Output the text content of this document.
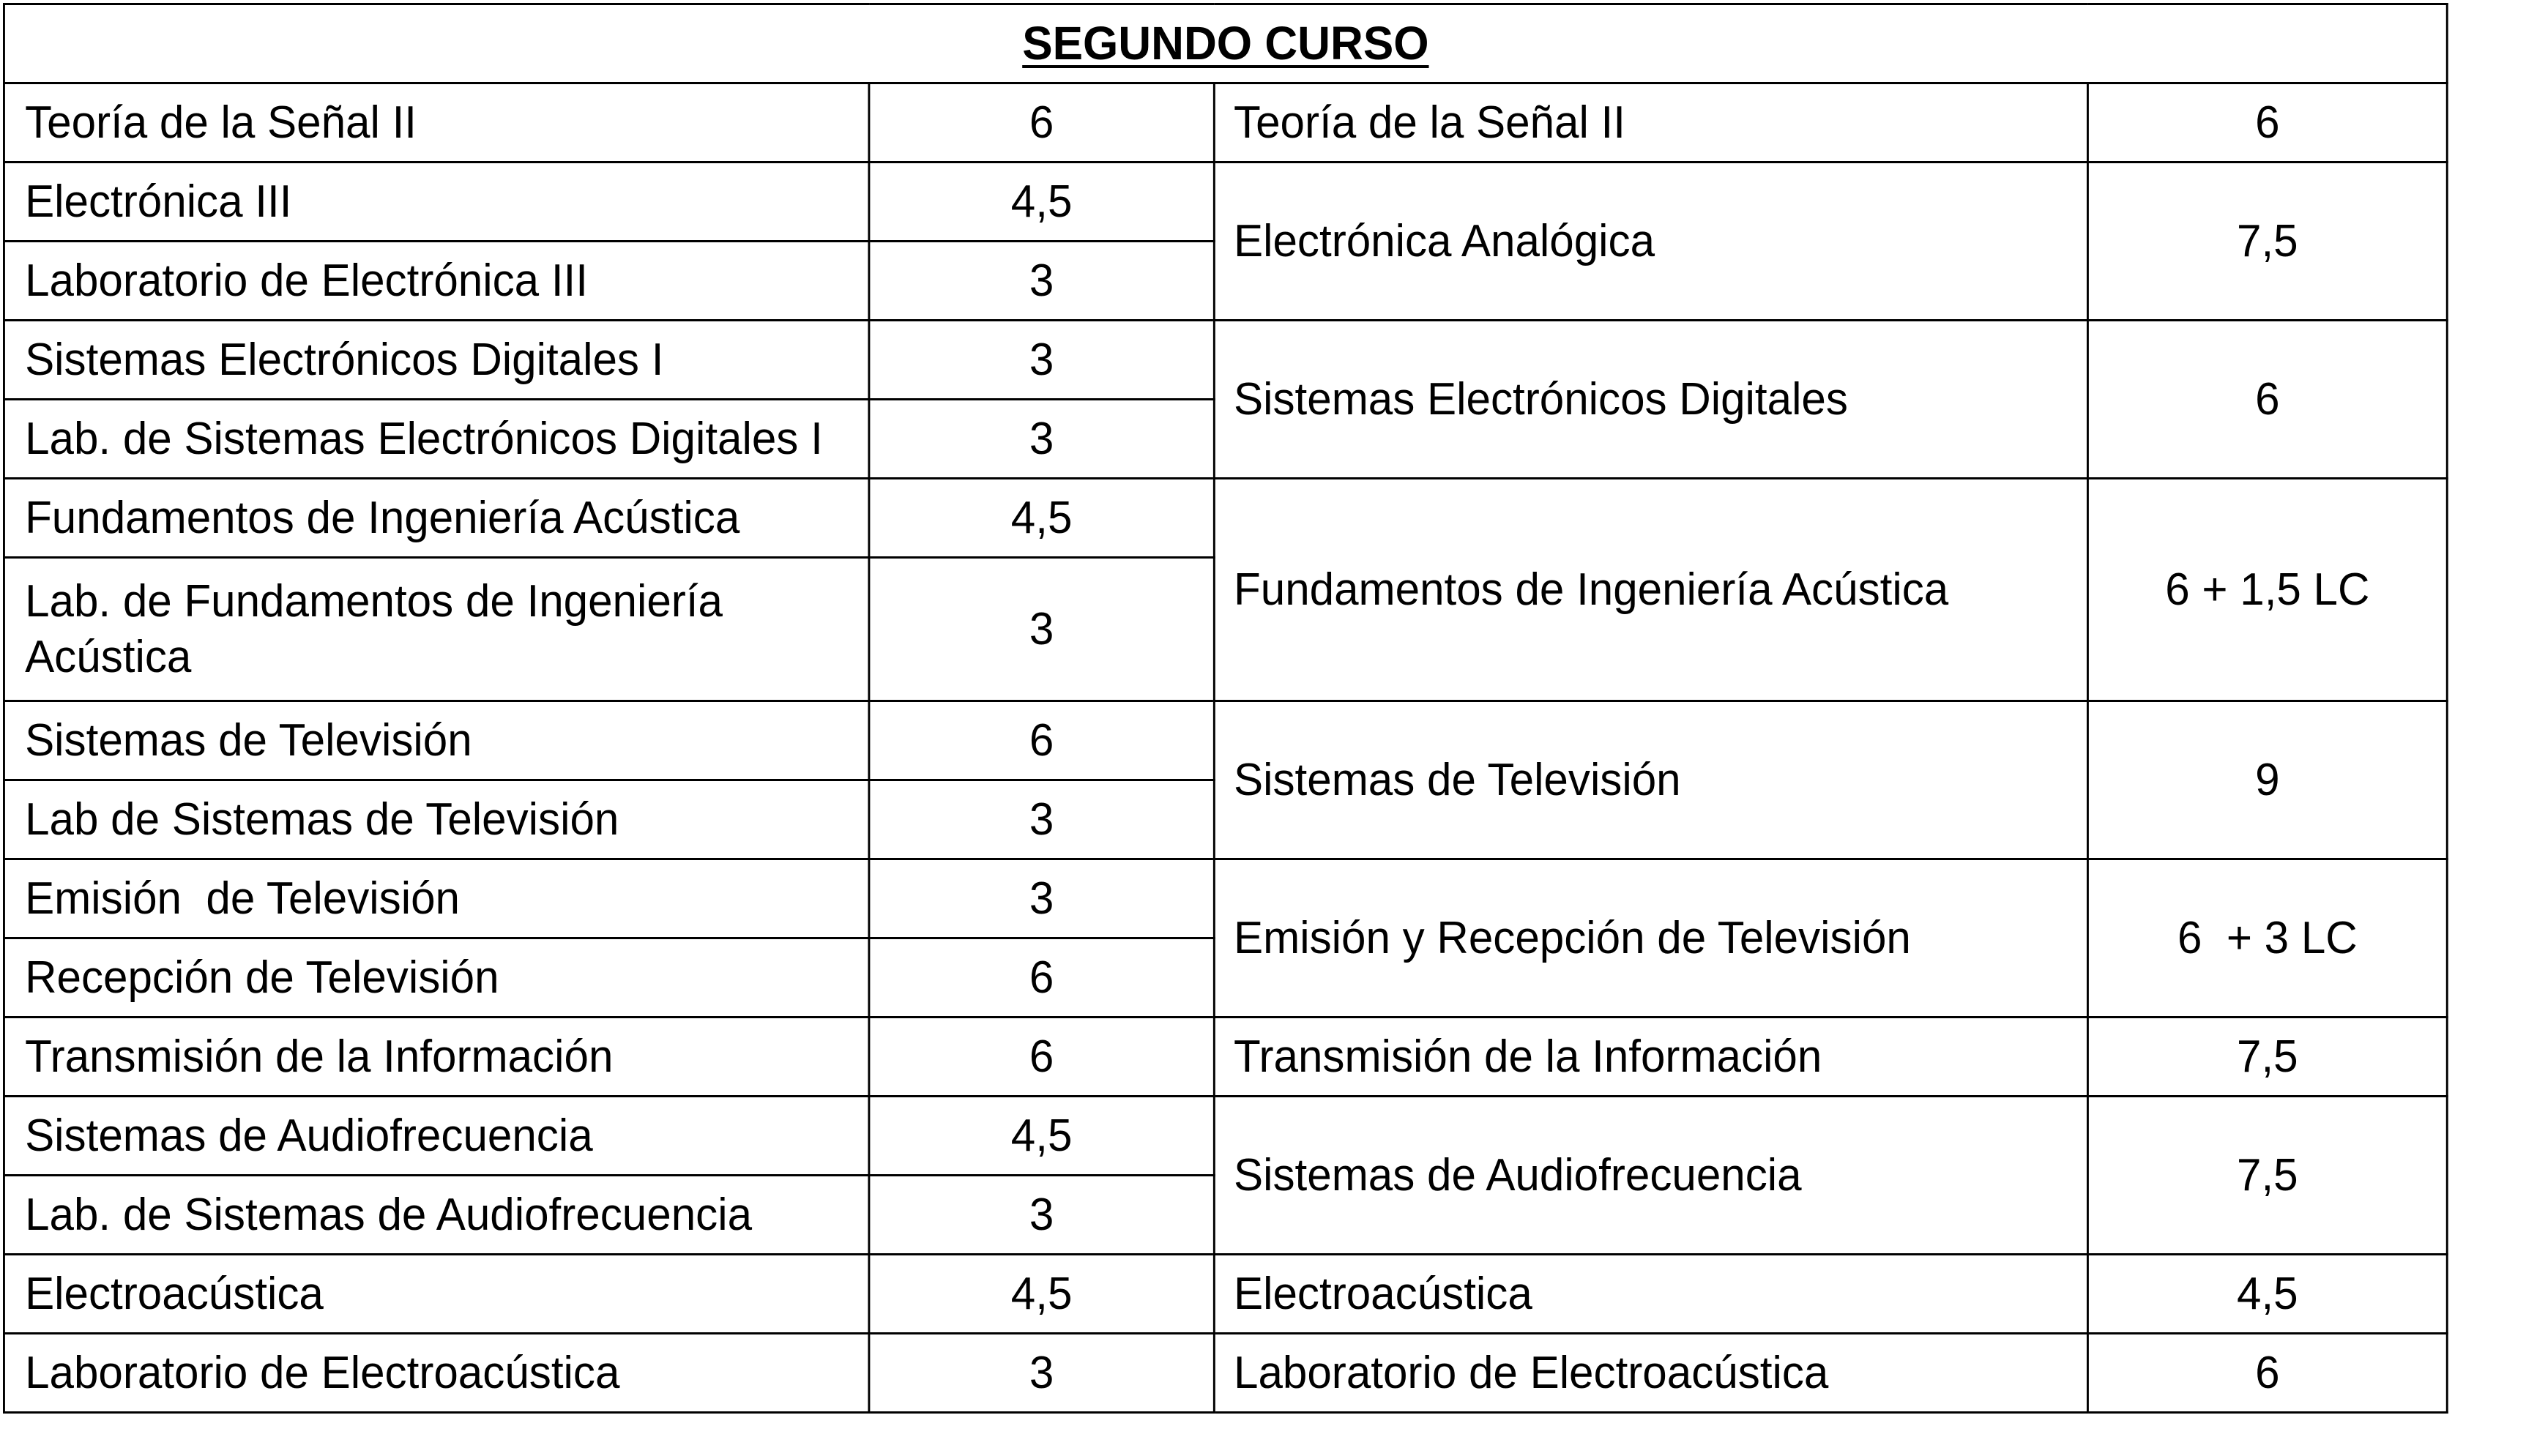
SEGUNDO CURSO			
Teoría de la Señal II	6	Teoría de la Señal II	6
Electrónica III	4,5	Electrónica Analógica	7,5
Laboratorio de Electrónica III	3		
Sistemas Electrónicos Digitales I	3	Sistemas Electrónicos Digitales	6
Lab. de Sistemas Electrónicos Digitales I	3		
Fundamentos de Ingeniería Acústica	4,5	Fundamentos de Ingeniería Acústica	6 + 1,5 LC
Lab. de Fundamentos de Ingeniería Acústica	3		
Sistemas de Televisión	6	Sistemas de Televisión	9
Lab de Sistemas de Televisión	3		
Emisión  de Televisión	3	Emisión y Recepción de Televisión	6  + 3 LC
Recepción de Televisión	6		
Transmisión de la Información	6	Transmisión de la Información	7,5
Sistemas de Audiofrecuencia	4,5	Sistemas de Audiofrecuencia	7,5
Lab. de Sistemas de Audiofrecuencia	3		
Electroacústica	4,5	Electroacústica	4,5
Laboratorio de Electroacústica	3	Laboratorio de Electroacústica	6
